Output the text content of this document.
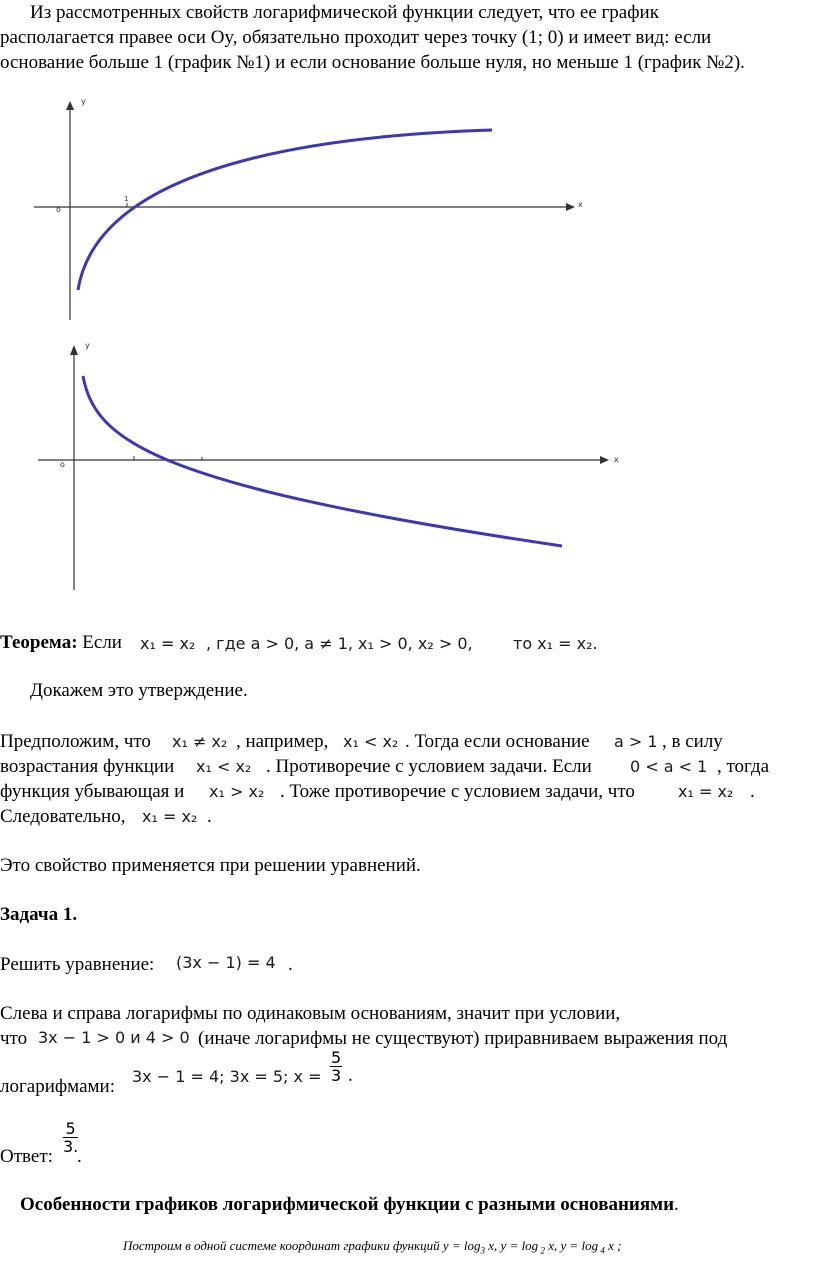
Из рассмотренных свойств логарифмической функции следует, что ее график
располагается правее оси Oy, обязательно проходит через точку (1; 0) и имеет вид: если
основание больше 1 (график №1) и если основание больше нуля, но меньше 1 (график №2).
y
x
o
1
y
x
o
Теорема: Если x₁ = x₂ , где a > 0, a ≠ 1, x₁ > 0, x₂ > 0,	то x₁ = x₂.
Докажем это утверждение.
Предположим, что x₁ ≠ x₂ , например, x₁ < x₂ . Тогда если основание a > 1 , в силу
возрастания функции x₁ < x₂ . Противоречие с условием задачи. Если 0 < a < 1 , тогда
функция убывающая и x₁ > x₂ . Тоже противоречие с условием задачи, что	x₁ = x₂ .
Следовательно, x₁ = x₂ .
Это свойство применяется при решении уравнений.
Задача 1.
Решить уравнение: (3x − 1) = 4 .
Слева и справа логарифмы по одинаковым основаниям, значит при условии,
что 3x − 1 > 0 и 4 > 0 (иначе логарифмы не существуют) приравниваем выражения под
логарифмами: 3x − 1 = 4; 3x = 5; $x = \frac{5}{3}$ .
Ответ:
$\frac{5}{3.}$
.
Особенности графиков логарифмической функции с разными основаниями.
Построим в одной системе координат графики функций $y = \log_3 x$, y = log $_2$ x, y = log $_4$ x ;
